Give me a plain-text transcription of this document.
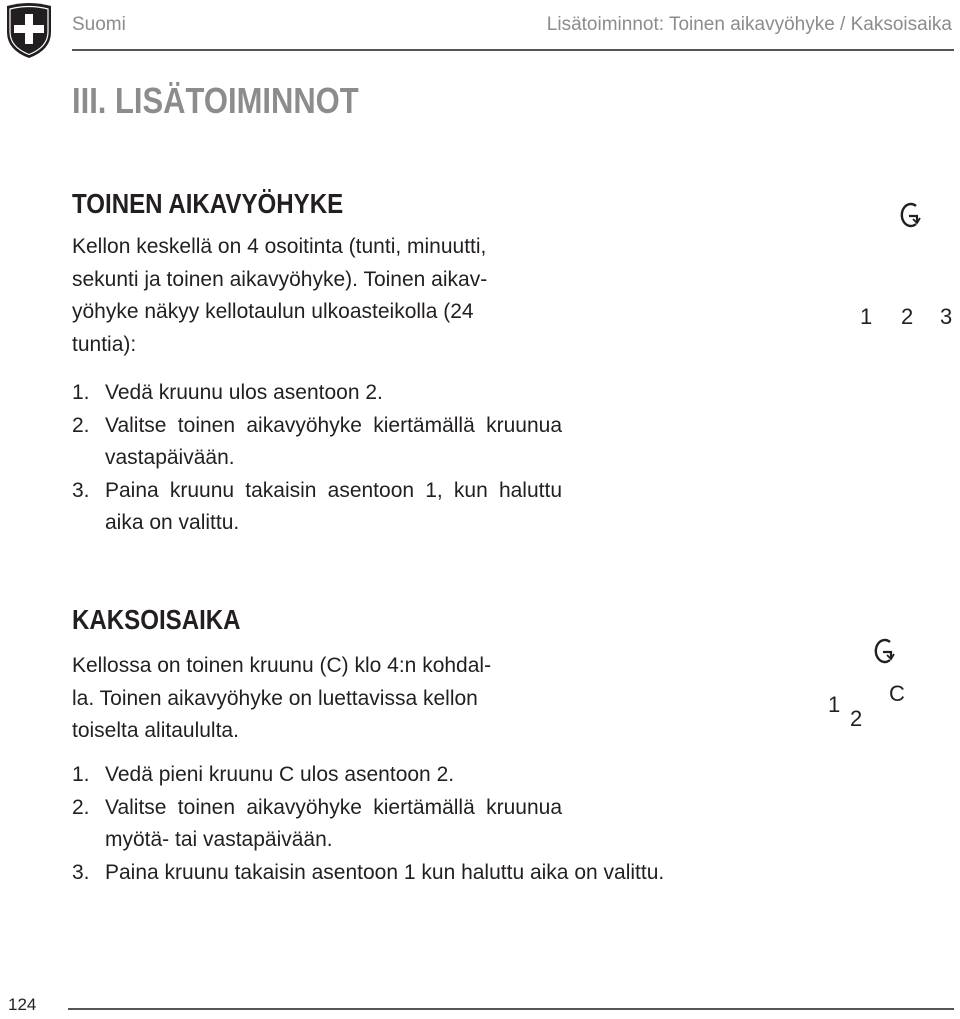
Suomi	Lisätoiminnot: Toinen aikavyöhyke / Kaksoisaika
III. LISÄTOIMINNOT
TOINEN AIKAVYÖHYKE
Kellon keskellä on 4 osoitinta (tunti, minuutti,
sekunti ja toinen aikavyöhyke). Toinen aikav-
yöhyke näkyy kellotaulun ulkoasteikolla (24
tuntia):
1. Vedä kruunu ulos asentoon 2.
2. Valitse toinen aikavyöhyke kiertämällä kruunua vastapäivään.
3. Paina kruunu takaisin asentoon 1, kun haluttu aika on valittu.
1 2 3
KAKSOISAIKA
Kellossa on toinen kruunu (C) klo 4:n kohdal-
la. Toinen aikavyöhyke on luettavissa kellon
toiselta alitaululta.
1. Vedä pieni kruunu C ulos asentoon 2.
2. Valitse toinen aikavyöhyke kiertämällä kruunua myötä- tai vastapäivään.
3. Paina kruunu takaisin asentoon 1 kun haluttu aika on valittu.
1
2
C
124
